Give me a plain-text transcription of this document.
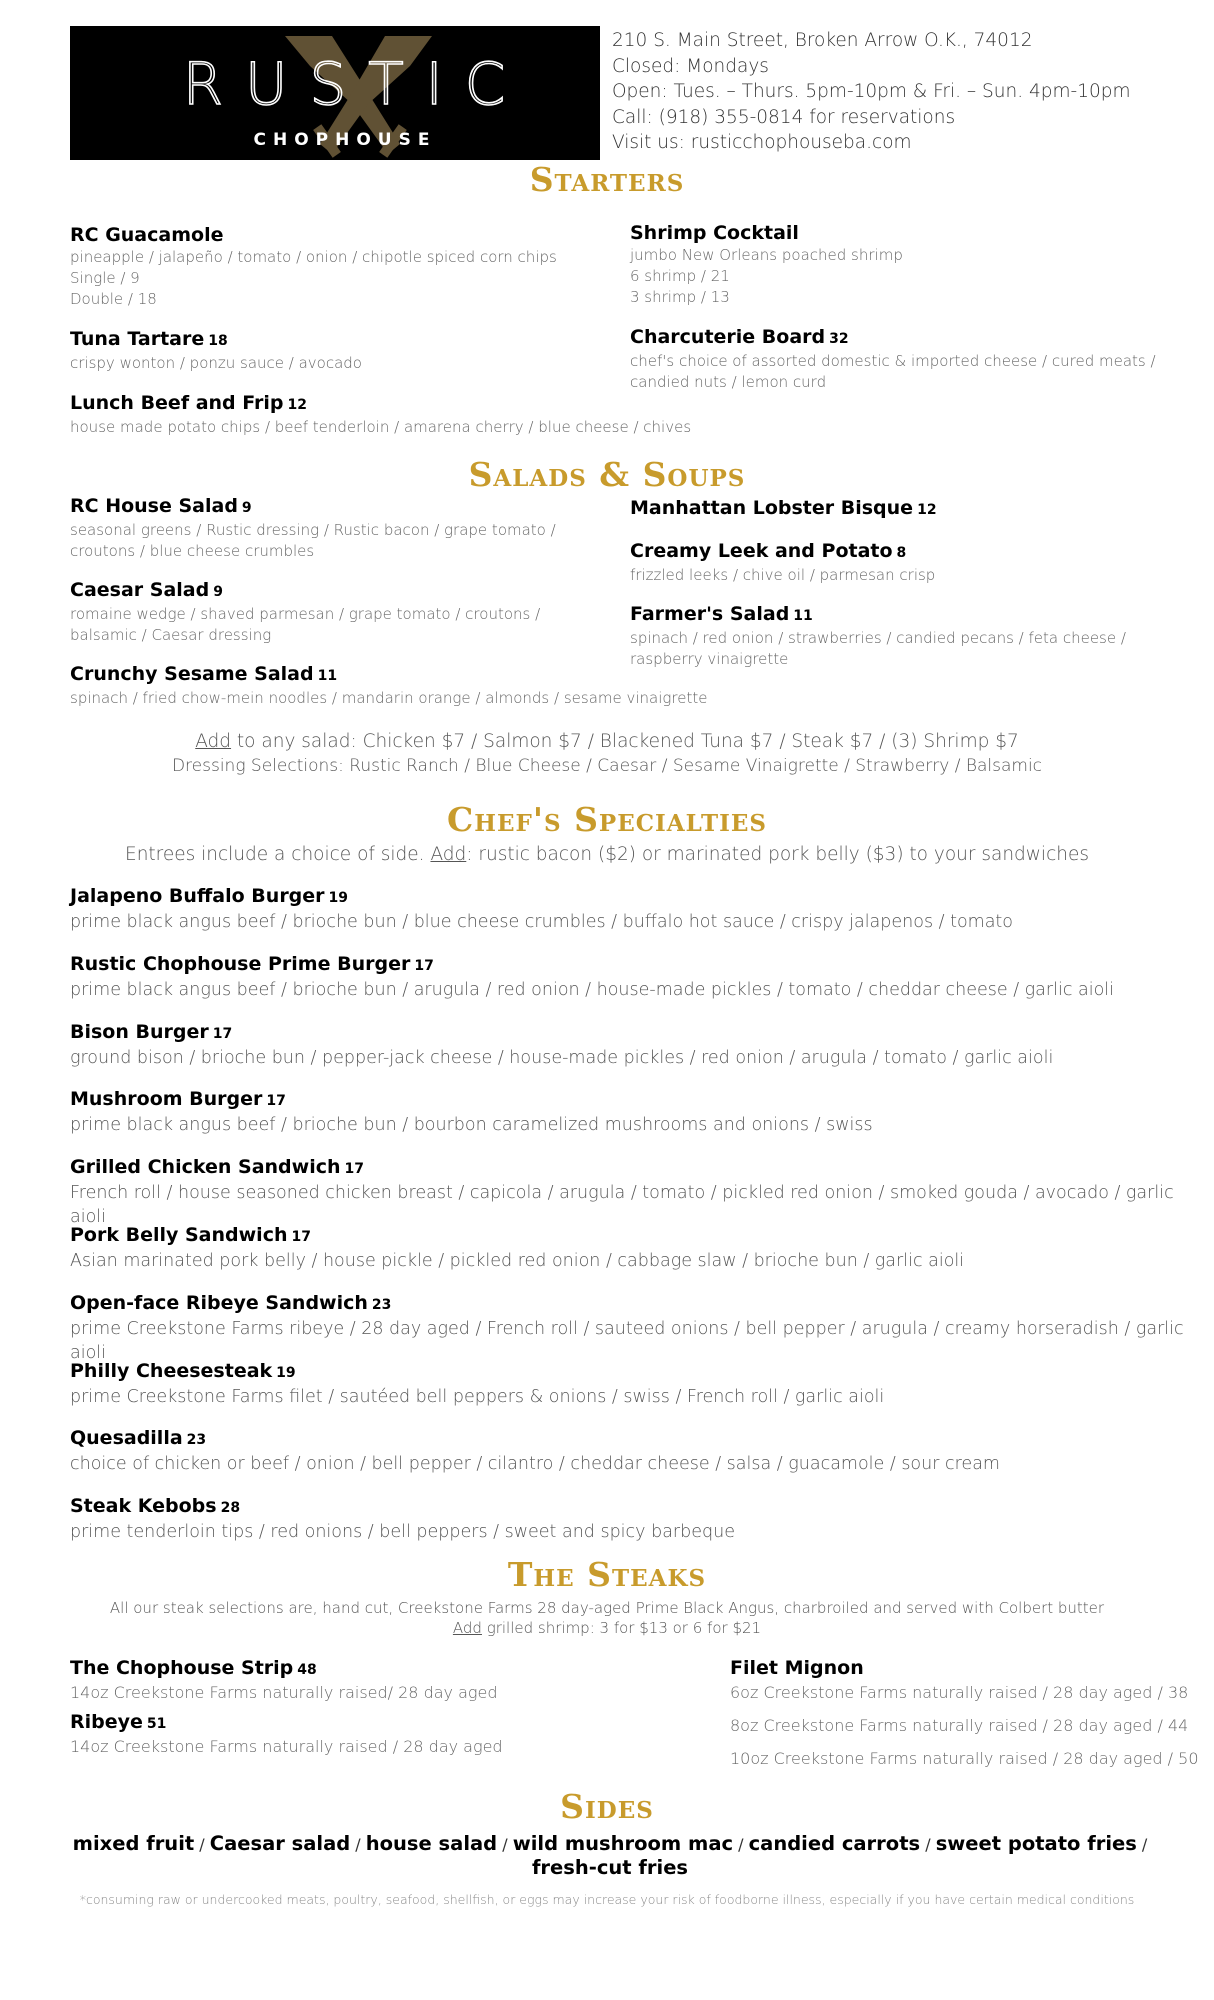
RUSTIC
CHOPHOUSE
210 S. Main Street, Broken Arrow O.K., 74012
Closed: Mondays
Open: Tues. – Thurs. 5pm-10pm & Fri. – Sun. 4pm-10pm
Call: (918) 355-0814 for reservations
Visit us: rusticchophouseba.com
Starters
RC Guacamole
pineapple / jalapeño / tomato / onion / chipotle spiced corn chips
Single / 9
Double / 18
Tuna Tartare 18
crispy wonton / ponzu sauce / avocado
Lunch Beef and Frip 12
house made potato chips / beef tenderloin / amarena cherry / blue cheese / chives
Shrimp Cocktail
jumbo New Orleans poached shrimp
6 shrimp / 21
3 shrimp / 13
Charcuterie Board 32
chef's choice of assorted domestic & imported cheese / cured meats /
candied nuts / lemon curd
Salads & Soups
RC House Salad 9
seasonal greens / Rustic dressing / Rustic bacon / grape tomato /
croutons / blue cheese crumbles
Caesar Salad 9
romaine wedge / shaved parmesan / grape tomato / croutons /
balsamic / Caesar dressing
Crunchy Sesame Salad 11
spinach / fried chow-mein noodles / mandarin orange / almonds / sesame vinaigrette
Manhattan Lobster Bisque 12
Creamy Leek and Potato 8
frizzled leeks / chive oil / parmesan crisp
Farmer's Salad 11
spinach / red onion / strawberries / candied pecans / feta cheese /
raspberry vinaigrette
Add to any salad: Chicken $7 / Salmon $7 / Blackened Tuna $7 / Steak $7 / (3) Shrimp $7
Dressing Selections: Rustic Ranch / Blue Cheese / Caesar / Sesame Vinaigrette / Strawberry / Balsamic
Chef's Specialties
Entrees include a choice of side. Add: rustic bacon ($2) or marinated pork belly ($3) to your sandwiches
Jalapeno Buffalo Burger 19
prime black angus beef / brioche bun / blue cheese crumbles / buffalo hot sauce / crispy jalapenos / tomato
Rustic Chophouse Prime Burger 17
prime black angus beef / brioche bun / arugula / red onion / house-made pickles / tomato / cheddar cheese / garlic aioli
Bison Burger 17
ground bison / brioche bun / pepper-jack cheese / house-made pickles / red onion / arugula / tomato / garlic aioli
Mushroom Burger 17
prime black angus beef / brioche bun / bourbon caramelized mushrooms and onions / swiss
Grilled Chicken Sandwich 17
French roll / house seasoned chicken breast / capicola / arugula / tomato / pickled red onion / smoked gouda / avocado / garlic aioli
Pork Belly Sandwich 17
Asian marinated pork belly / house pickle / pickled red onion / cabbage slaw / brioche bun / garlic aioli
Open-face Ribeye Sandwich 23
prime Creekstone Farms ribeye / 28 day aged / French roll / sauteed onions / bell pepper / arugula / creamy horseradish / garlic aioli
Philly Cheesesteak 19
prime Creekstone Farms filet / sautéed bell peppers & onions / swiss / French roll / garlic aioli
Quesadilla 23
choice of chicken or beef / onion / bell pepper / cilantro / cheddar cheese / salsa / guacamole / sour cream
Steak Kebobs 28
prime tenderloin tips / red onions / bell peppers / sweet and spicy barbeque
The Steaks
All our steak selections are, hand cut, Creekstone Farms 28 day-aged Prime Black Angus, charbroiled and served with Colbert butter
Add grilled shrimp: 3 for $13 or 6 for $21
The Chophouse Strip 48
14oz Creekstone Farms naturally raised/ 28 day aged
Ribeye 51
14oz Creekstone Farms naturally raised / 28 day aged
Filet Mignon
6oz Creekstone Farms naturally raised / 28 day aged / 38
8oz Creekstone Farms naturally raised / 28 day aged / 44
10oz Creekstone Farms naturally raised / 28 day aged / 50
Sides
mixed fruit / Caesar salad / house salad / wild mushroom mac / candied carrots / sweet potato fries /
fresh-cut fries
*consuming raw or undercooked meats, poultry, seafood, shellfish, or eggs may increase your risk of foodborne illness, especially if you have certain medical conditions
